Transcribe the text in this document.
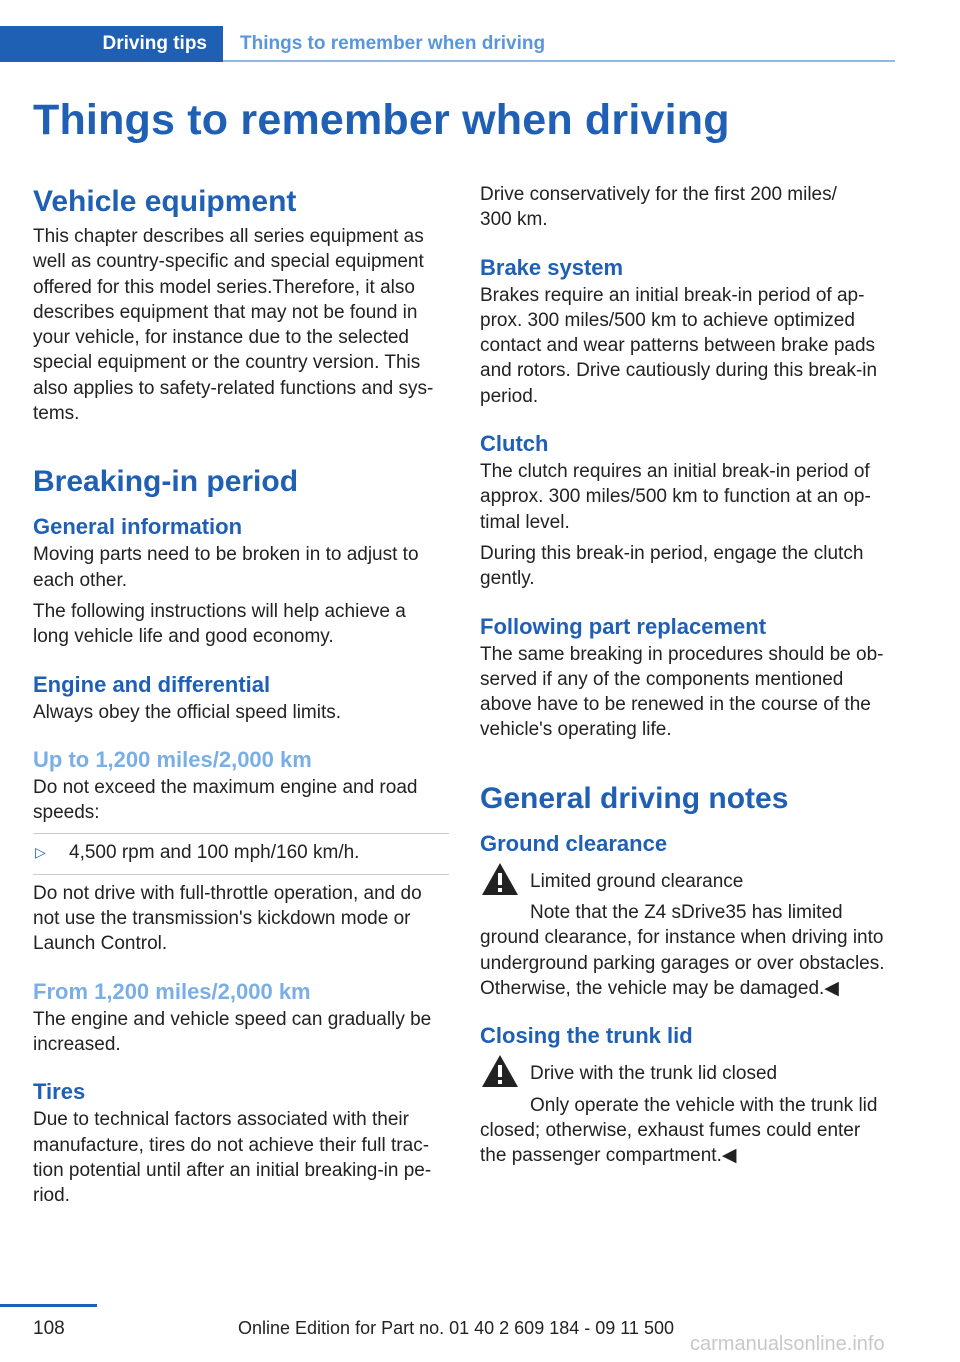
Driving tips	Things to remember when driving
Things to remember when driving
Vehicle equipment

This chapter describes all series equipment as
well as country-specific and special equipment
offered for this model series.Therefore, it also
describes equipment that may not be found in
your vehicle, for instance due to the selected
special equipment or the country version. This
also applies to safety-related functions and sys-
tems.

Breaking-in period
General information

Moving parts need to be broken in to adjust to
each other.

The following instructions will help achieve a
long vehicle life and good economy.

Engine and differential

Always obey the official speed limits.

Up to 1,200 miles/2,000 km

Do not exceed the maximum engine and road
speeds:

▷	4,500 rpm and 100 mph/160 km/h.

Do not drive with full-throttle operation, and do
not use the transmission's kickdown mode or
Launch Control.

From 1,200 miles/2,000 km

The engine and vehicle speed can gradually be
increased.

Tires

Due to technical factors associated with their
manufacture, tires do not achieve their full trac-
tion potential until after an initial breaking-in pe-
riod.

Drive conservatively for the first 200 miles/
300 km.

Brake system

Brakes require an initial break-in period of ap-
prox. 300 miles/500 km to achieve optimized
contact and wear patterns between brake pads
and rotors. Drive cautiously during this break-in
period.

Clutch

The clutch requires an initial break-in period of
approx. 300 miles/500 km to function at an op-
timal level.

During this break-in period, engage the clutch
gently.

Following part replacement

The same breaking in procedures should be ob-
served if any of the components mentioned
above have to be renewed in the course of the
vehicle's operating life.

General driving notes
Ground clearance

Limited ground clearance

Note that the Z4 sDrive35 has limited
ground clearance, for instance when driving into
underground parking garages or over obstacles.
Otherwise, the vehicle may be damaged.◀

Closing the trunk lid

Drive with the trunk lid closed

Only operate the vehicle with the trunk lid
closed; otherwise, exhaust fumes could enter
the passenger compartment.◀

108	Online Edition for Part no. 01 40 2 609 184 - 09 11 500
carmanualsonline.info
